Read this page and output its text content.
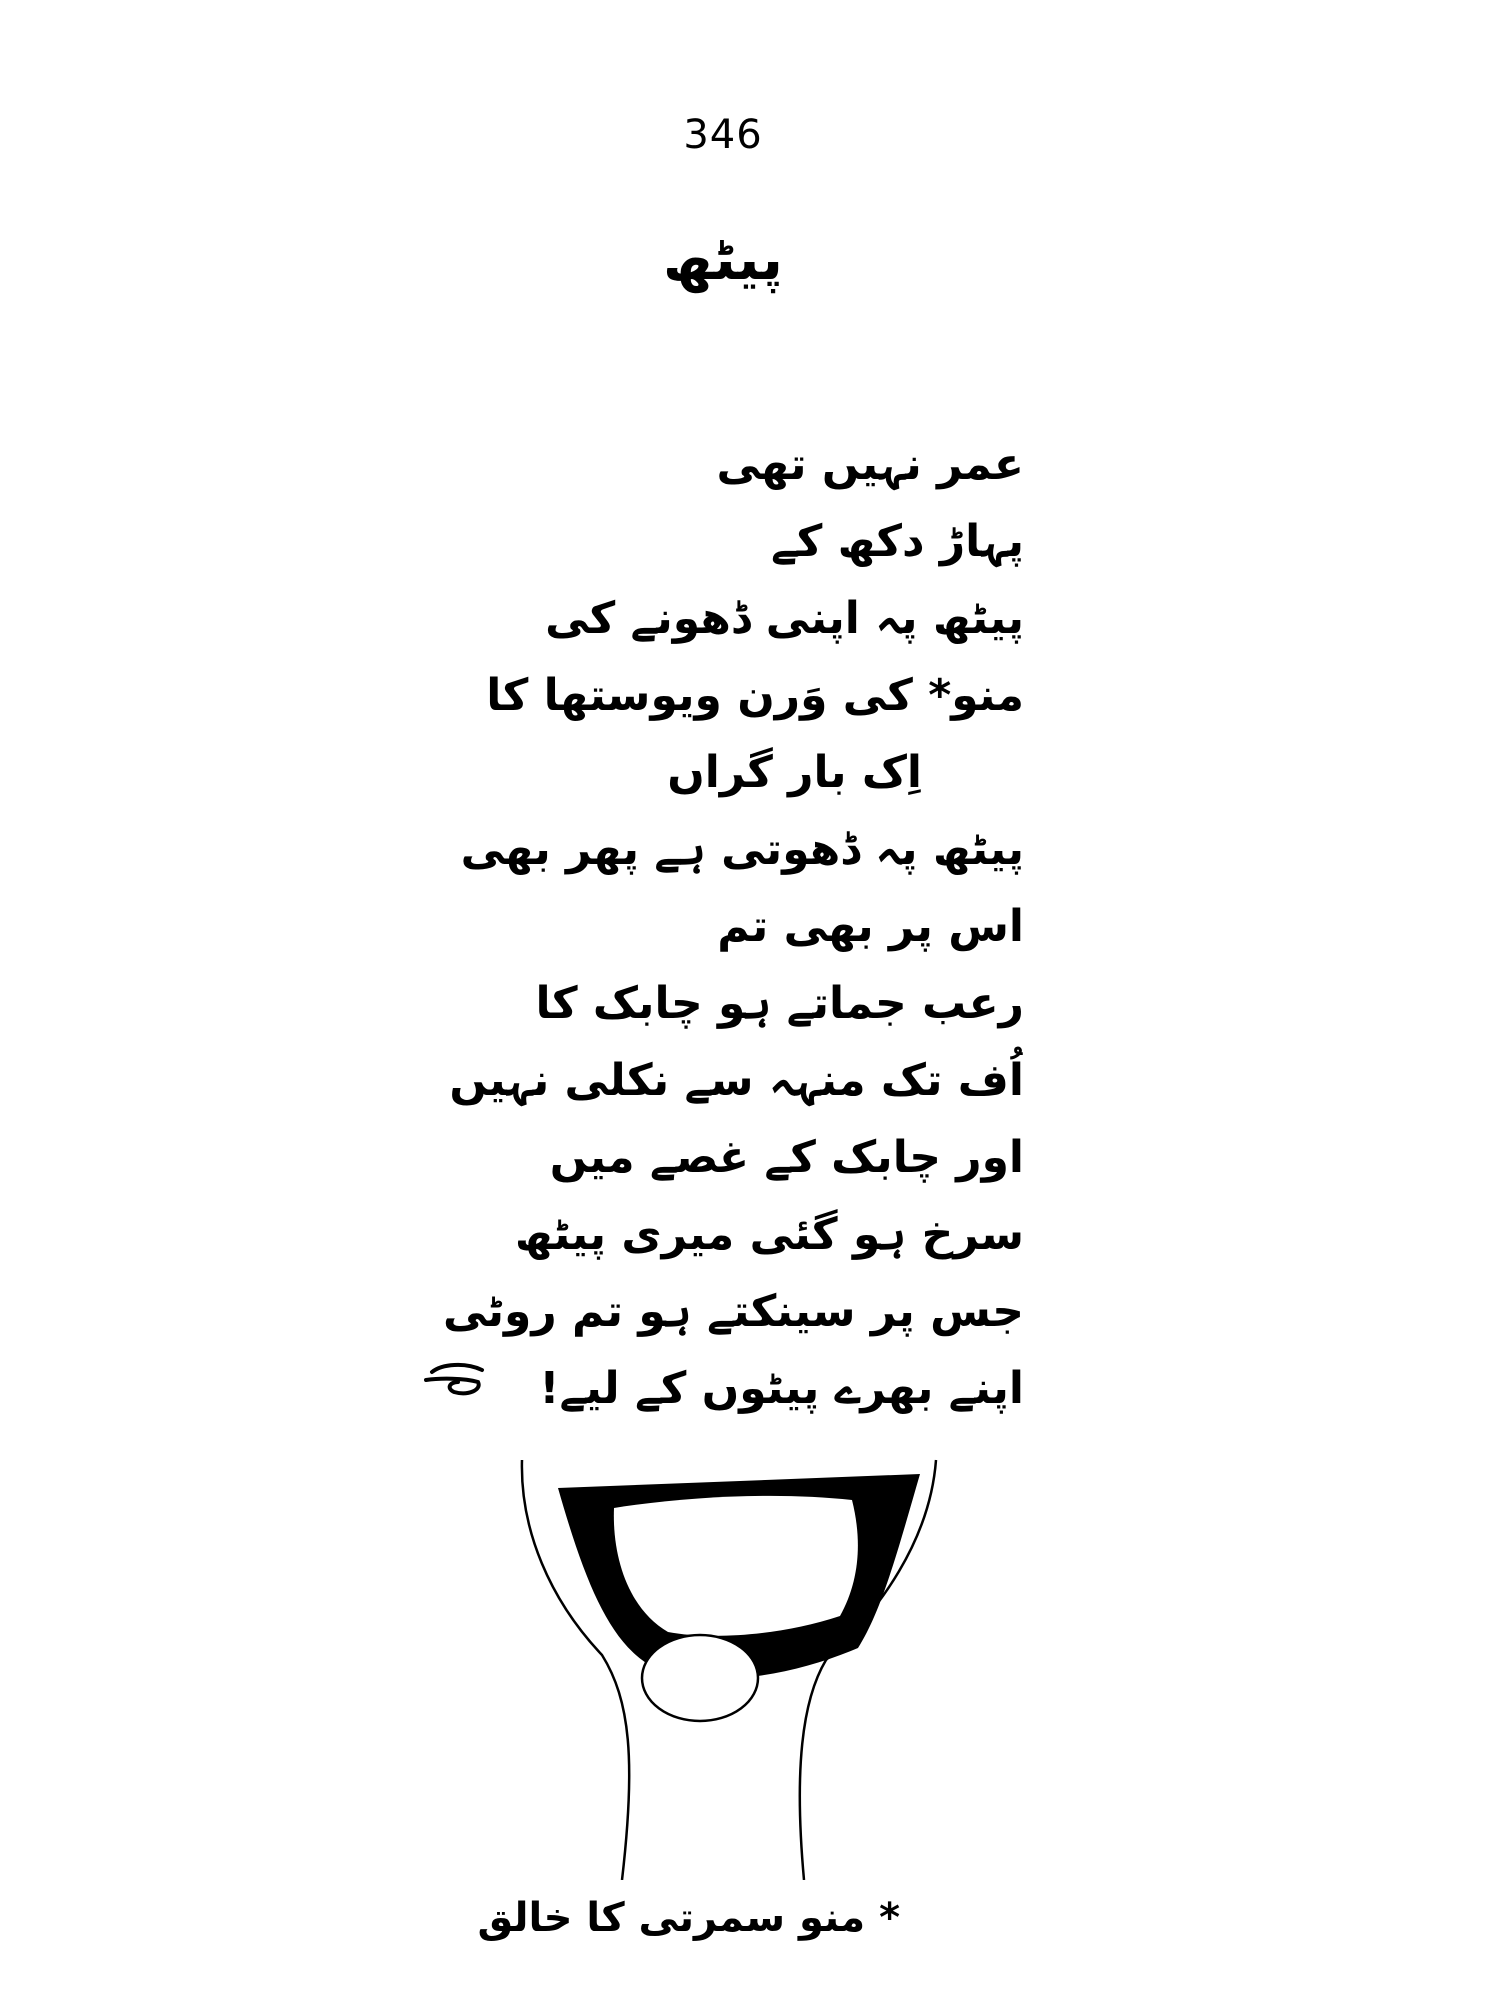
346
پیٹھ
عمر نہیں تھی
پہاڑ دکھ کے
پیٹھ پہ اپنی ڈھونے کی
منو* کی وَرن ویوستھا کا
اِک بار گراں
پیٹھ پہ ڈھوتی ہے پھر بھی
اس پر بھی تم
رعب جماتے ہو چابک کا
اُف تک منہہ سے نکلی نہیں
اور چابک کے غصے میں
سرخ ہو گئی میری پیٹھ
جس پر سینکتے ہو تم روٹی
اپنے بھرے پیٹوں کے لیے!
* منو سمرتی کا خالق
